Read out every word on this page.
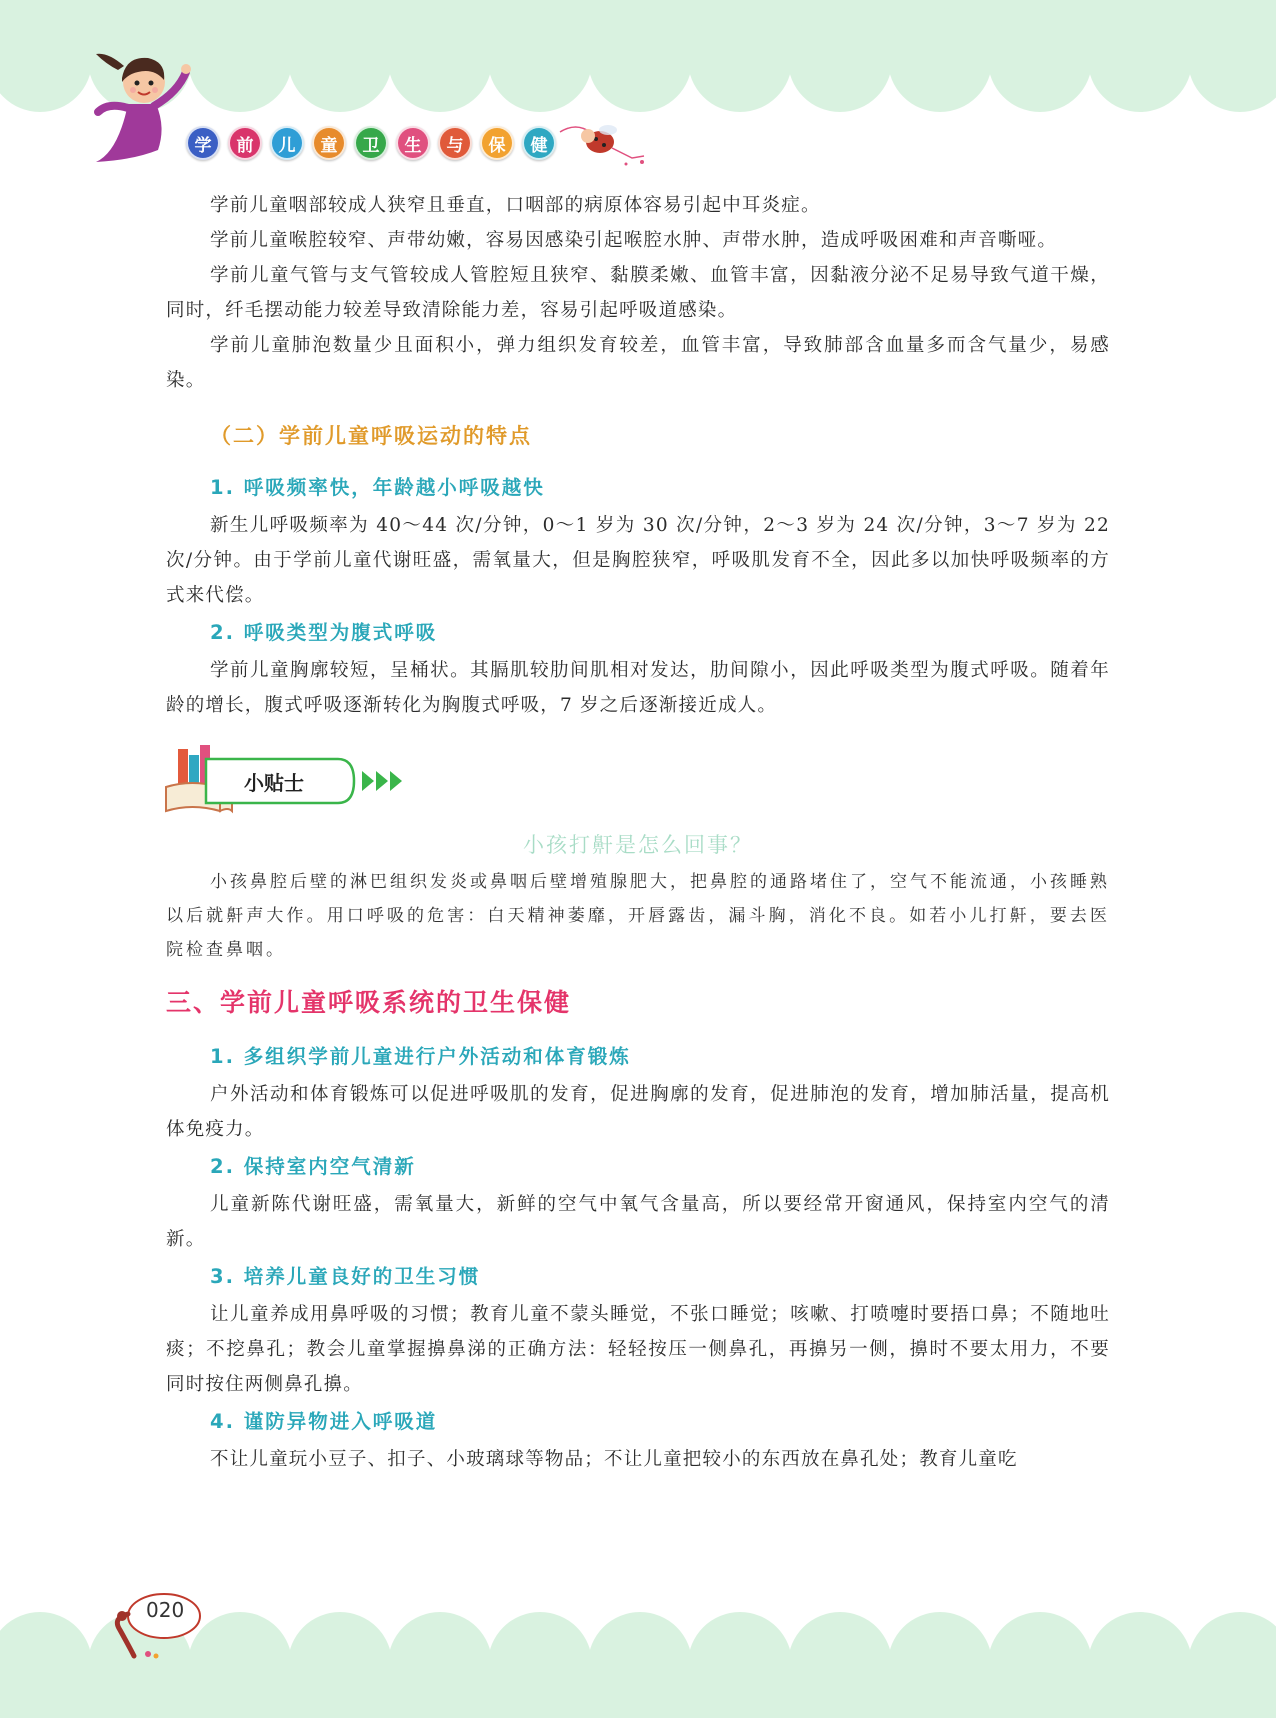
学	前	儿	童	卫	生	与	保	健

学前儿童咽部较成人狭窄且垂直，口咽部的病原体容易引起中耳炎症。

学前儿童喉腔较窄、声带幼嫩，容易因感染引起喉腔水肿、声带水肿，造成呼吸困难和声音嘶哑。

学前儿童气管与支气管较成人管腔短且狭窄、黏膜柔嫩、血管丰富，因黏液分泌不足易导致气道干燥，同时，纤毛摆动能力较差导致清除能力差，容易引起呼吸道感染。

学前儿童肺泡数量少且面积小，弹力组织发育较差，血管丰富，导致肺部含血量多而含气量少，易感染。

（二）学前儿童呼吸运动的特点
1. 呼吸频率快，年龄越小呼吸越快

新生儿呼吸频率为 40～44 次/分钟，0～1 岁为 30 次/分钟，2～3 岁为 24 次/分钟，3～7 岁为 22 次/分钟。由于学前儿童代谢旺盛，需氧量大，但是胸腔狭窄，呼吸肌发育不全，因此多以加快呼吸频率的方式来代偿。

2. 呼吸类型为腹式呼吸

学前儿童胸廓较短，呈桶状。其膈肌较肋间肌相对发达，肋间隙小，因此呼吸类型为腹式呼吸。随着年龄的增长，腹式呼吸逐渐转化为胸腹式呼吸，7 岁之后逐渐接近成人。

小贴士
小孩打鼾是怎么回事？

小孩鼻腔后壁的淋巴组织发炎或鼻咽后壁增殖腺肥大，把鼻腔的通路堵住了，空气不能流通，小孩睡熟以后就鼾声大作。用口呼吸的危害：白天精神萎靡，开唇露齿，漏斗胸，消化不良。如若小儿打鼾，要去医院检查鼻咽。

三、学前儿童呼吸系统的卫生保健
1. 多组织学前儿童进行户外活动和体育锻炼

户外活动和体育锻炼可以促进呼吸肌的发育，促进胸廓的发育，促进肺泡的发育，增加肺活量，提高机体免疫力。

2. 保持室内空气清新

儿童新陈代谢旺盛，需氧量大，新鲜的空气中氧气含量高，所以要经常开窗通风，保持室内空气的清新。

3. 培养儿童良好的卫生习惯

让儿童养成用鼻呼吸的习惯；教育儿童不蒙头睡觉，不张口睡觉；咳嗽、打喷嚏时要捂口鼻；不随地吐痰；不挖鼻孔；教会儿童掌握擤鼻涕的正确方法：轻轻按压一侧鼻孔，再擤另一侧，擤时不要太用力，不要同时按住两侧鼻孔擤。

4. 谨防异物进入呼吸道

不让儿童玩小豆子、扣子、小玻璃球等物品；不让儿童把较小的东西放在鼻孔处；教育儿童吃

020
